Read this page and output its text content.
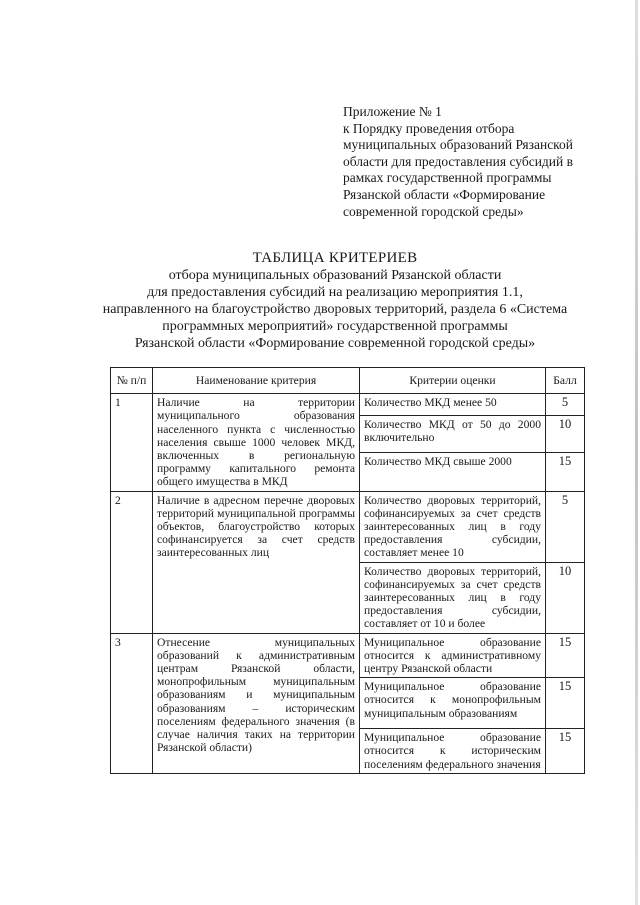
Приложение № 1
к Порядку проведения отбора
муниципальных образований Рязанской
области для предоставления субсидий в
рамках государственной программы
Рязанской области «Формирование
современной городской среды»
ТАБЛИЦА КРИТЕРИЕВ
отбора муниципальных образований Рязанской области
для предоставления субсидий на реализацию мероприятия 1.1,
направленного на благоустройство дворовых территорий, раздела 6 «Система
программных мероприятий» государственной программы
Рязанской области «Формирование современной городской среды»
№ п/п	Наименование критерия	Критерии оценки	Балл
1	Наличие на территории муниципального образования населенного пункта с численностью населения свыше 1000 человек МКД, включенных в региональную программу капитального ремонта общего имущества в МКД	Количество МКД менее 50	5
		Количество МКД от 50 до 2000 включительно	10
		Количество МКД свыше 2000	15
2	Наличие в адресном перечне дворовых территорий муниципальной программы объектов, благоустройство которых софинансируется за счет средств заинтересованных лиц	Количество дворовых территорий, софинансируемых за счет средств заинтересованных лиц в году предоставления субсидии, составляет менее 10	5
		Количество дворовых территорий, софинансируемых за счет средств заинтересованных лиц в году предоставления субсидии, составляет от 10 и более	10
3	Отнесение муниципальных образований к административным центрам Рязанской области, монопрофильным муниципальным образованиям и муниципальным образованиям – историческим поселениям федерального значения (в случае наличия таких на территории Рязанской области)	Муниципальное образование относится к административному центру Рязанской области	15
		Муниципальное образование относится к монопрофильным муниципальным образованиям	15
		Муниципальное образование относится к историческим поселениям федерального значения	15
